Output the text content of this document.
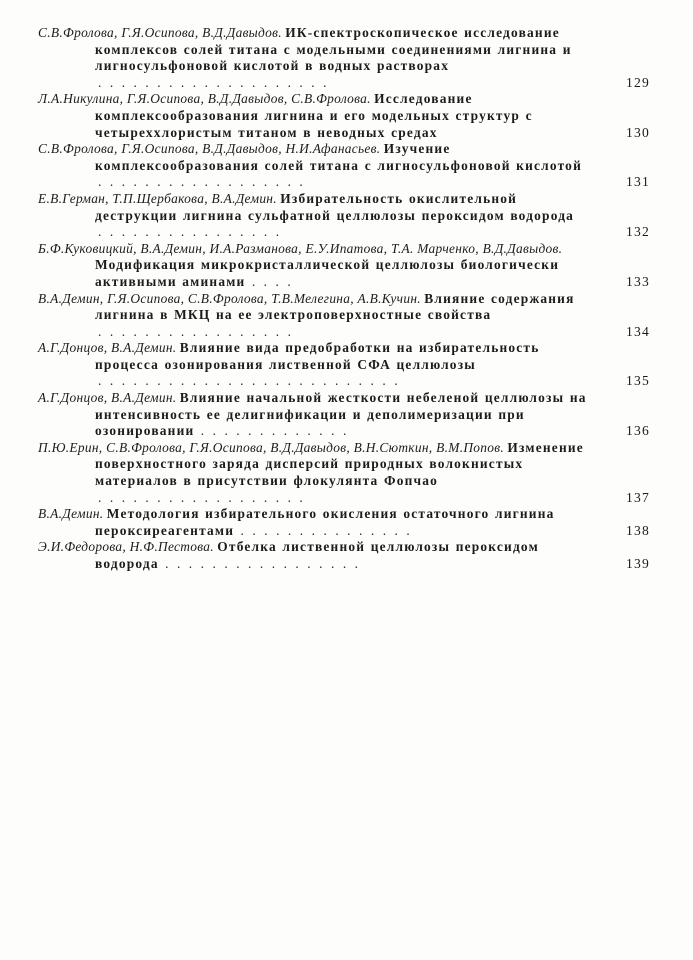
С.В.Фролова, Г.Я.Осипова, В.Д.Давыдов. ИК-спектроскопическое исследование комплексов солей титана с модельными соединениями лигнина и лигносульфоновой кислотой в водных растворах ....................	129

Л.А.Никулина, Г.Я.Осипова, В.Д.Давыдов, С.В.Фролова. Исследование комплексообразования лигнина и его модельных структур с четыреххлористым титаном в неводных средах	130

С.В.Фролова, Г.Я.Осипова, В.Д.Давыдов, Н.И.Афанасьев. Изучение комплексообразования солей титана с лигносульфоновой кислотой ..................	131

Е.В.Герман, Т.П.Щербакова, В.А.Демин. Избирательность окислительной деструкции лигнина сульфатной целлюлозы пероксидом водорода ................	132

Б.Ф.Куковицкий, В.А.Демин, И.А.Разманова, Е.У.Ипатова, Т.А. Марченко, В.Д.Давыдов. Модификация микрокристаллической целлюлозы биологически активными аминами ....	133

В.А.Демин, Г.Я.Осипова, С.В.Фролова, Т.В.Мелегина, А.В.Кучин. Влияние содержания лигнина в МКЦ на ее электроповерхностные свойства .................	134

А.Г.Донцов, В.А.Демин. Влияние вида предобработки на избирательность процесса озонирования лиственной СФА целлюлозы ..........................	135

А.Г.Донцов, В.А.Демин. Влияние начальной жесткости небеленой целлюлозы на интенсивность ее делигнификации и деполимеризации при озонировании .............	136

П.Ю.Ерин, С.В.Фролова, Г.Я.Осипова, В.Д.Давыдов, В.Н.Сюткин, В.М.Попов. Изменение поверхностного заряда дисперсий природных волокнистых материалов в присутствии флокулянта Фопчао ..................	137

В.А.Демин. Методология избирательного окисления остаточного лигнина пероксиреагентами ...............	138

Э.И.Федорова, Н.Ф.Пестова. Отбелка лиственной целлюлозы пероксидом водорода .................	139
